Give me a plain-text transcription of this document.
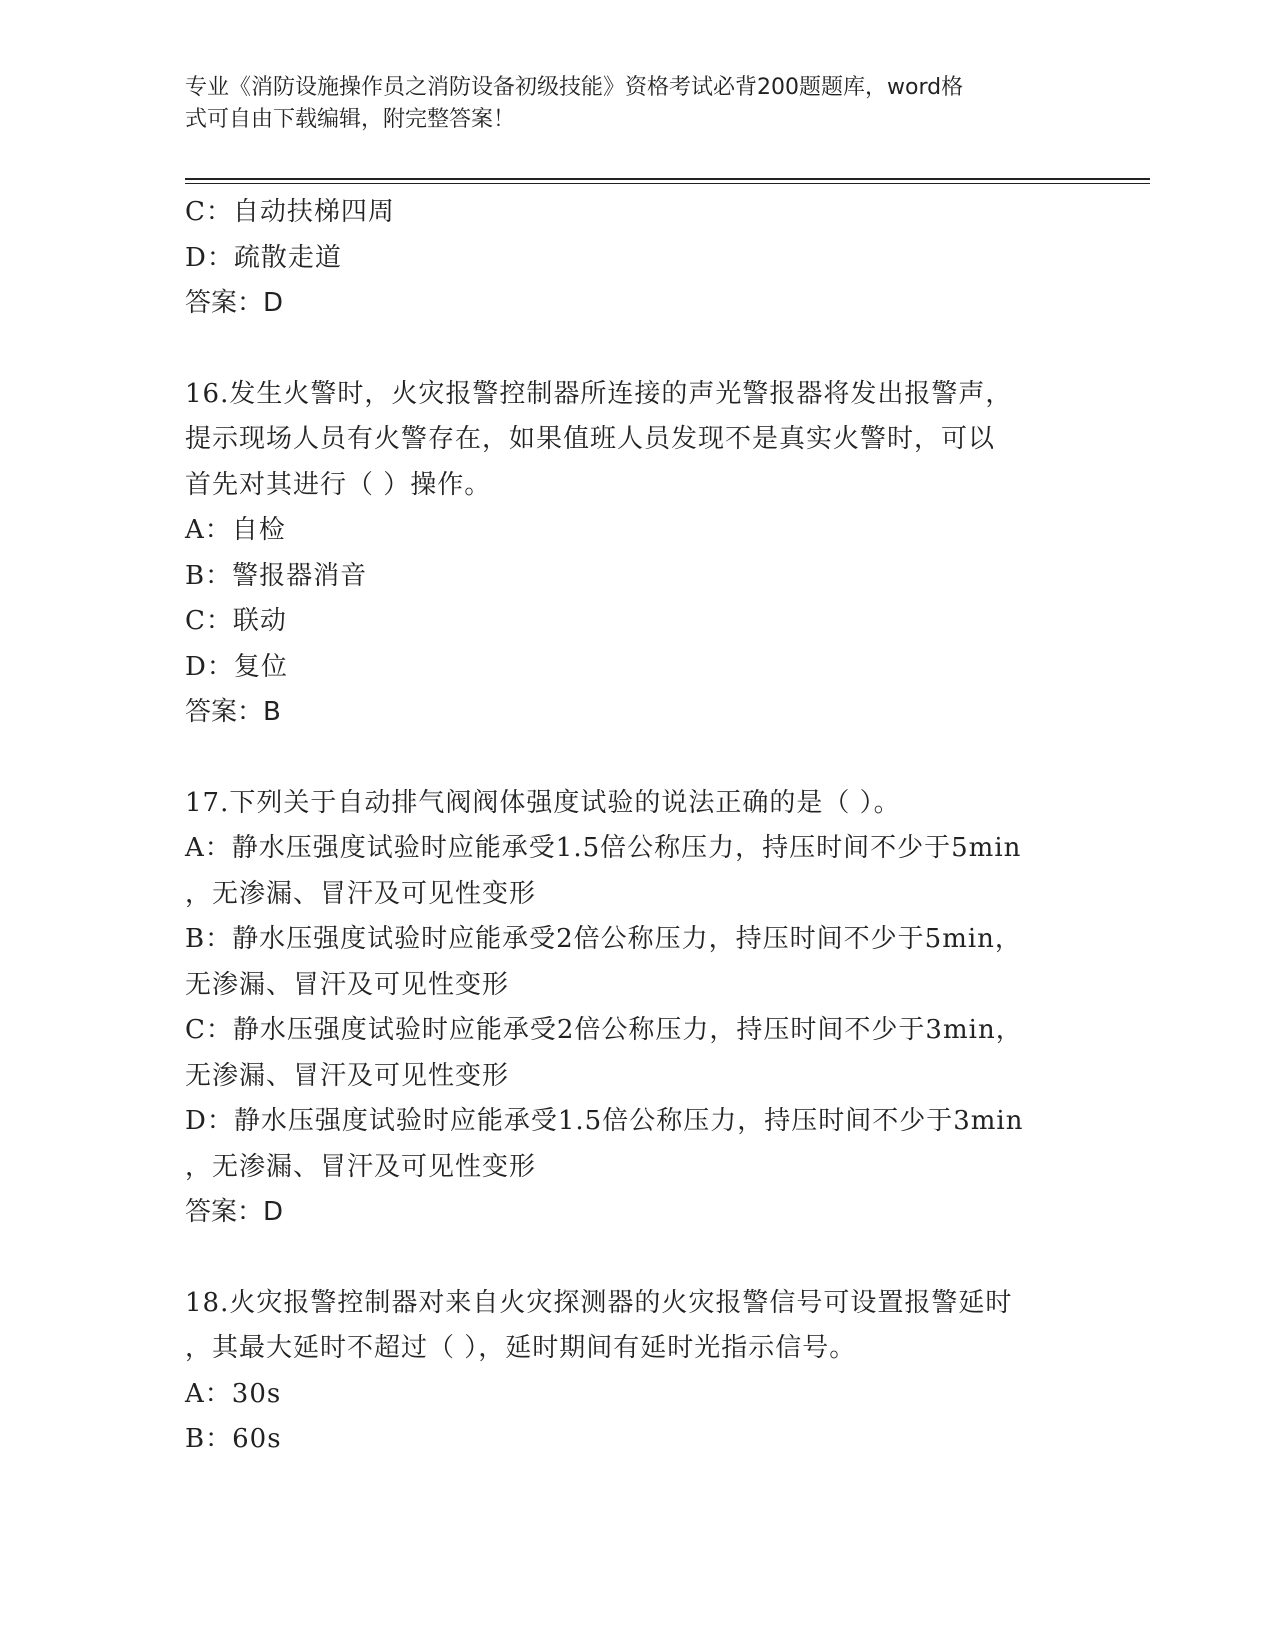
专业《消防设施操作员之消防设备初级技能》资格考试必背200题题库，word格
式可自由下载编辑，附完整答案！
C：自动扶梯四周
D：疏散走道
答案：D
16.发生火警时，火灾报警控制器所连接的声光警报器将发出报警声，
提示现场人员有火警存在，如果值班人员发现不是真实火警时，可以
首先对其进行（ ）操作。
A：自检
B：警报器消音
C：联动
D：复位
答案：B
17.下列关于自动排气阀阀体强度试验的说法正确的是（ ）。
A：静水压强度试验时应能承受1.5倍公称压力，持压时间不少于5min
，无渗漏、冒汗及可见性变形
B：静水压强度试验时应能承受2倍公称压力，持压时间不少于5min，
无渗漏、冒汗及可见性变形
C：静水压强度试验时应能承受2倍公称压力，持压时间不少于3min，
无渗漏、冒汗及可见性变形
D：静水压强度试验时应能承受1.5倍公称压力，持压时间不少于3min
，无渗漏、冒汗及可见性变形
答案：D
18.火灾报警控制器对来自火灾探测器的火灾报警信号可设置报警延时
，其最大延时不超过（ ），延时期间有延时光指示信号。
A：30s
B：60s
